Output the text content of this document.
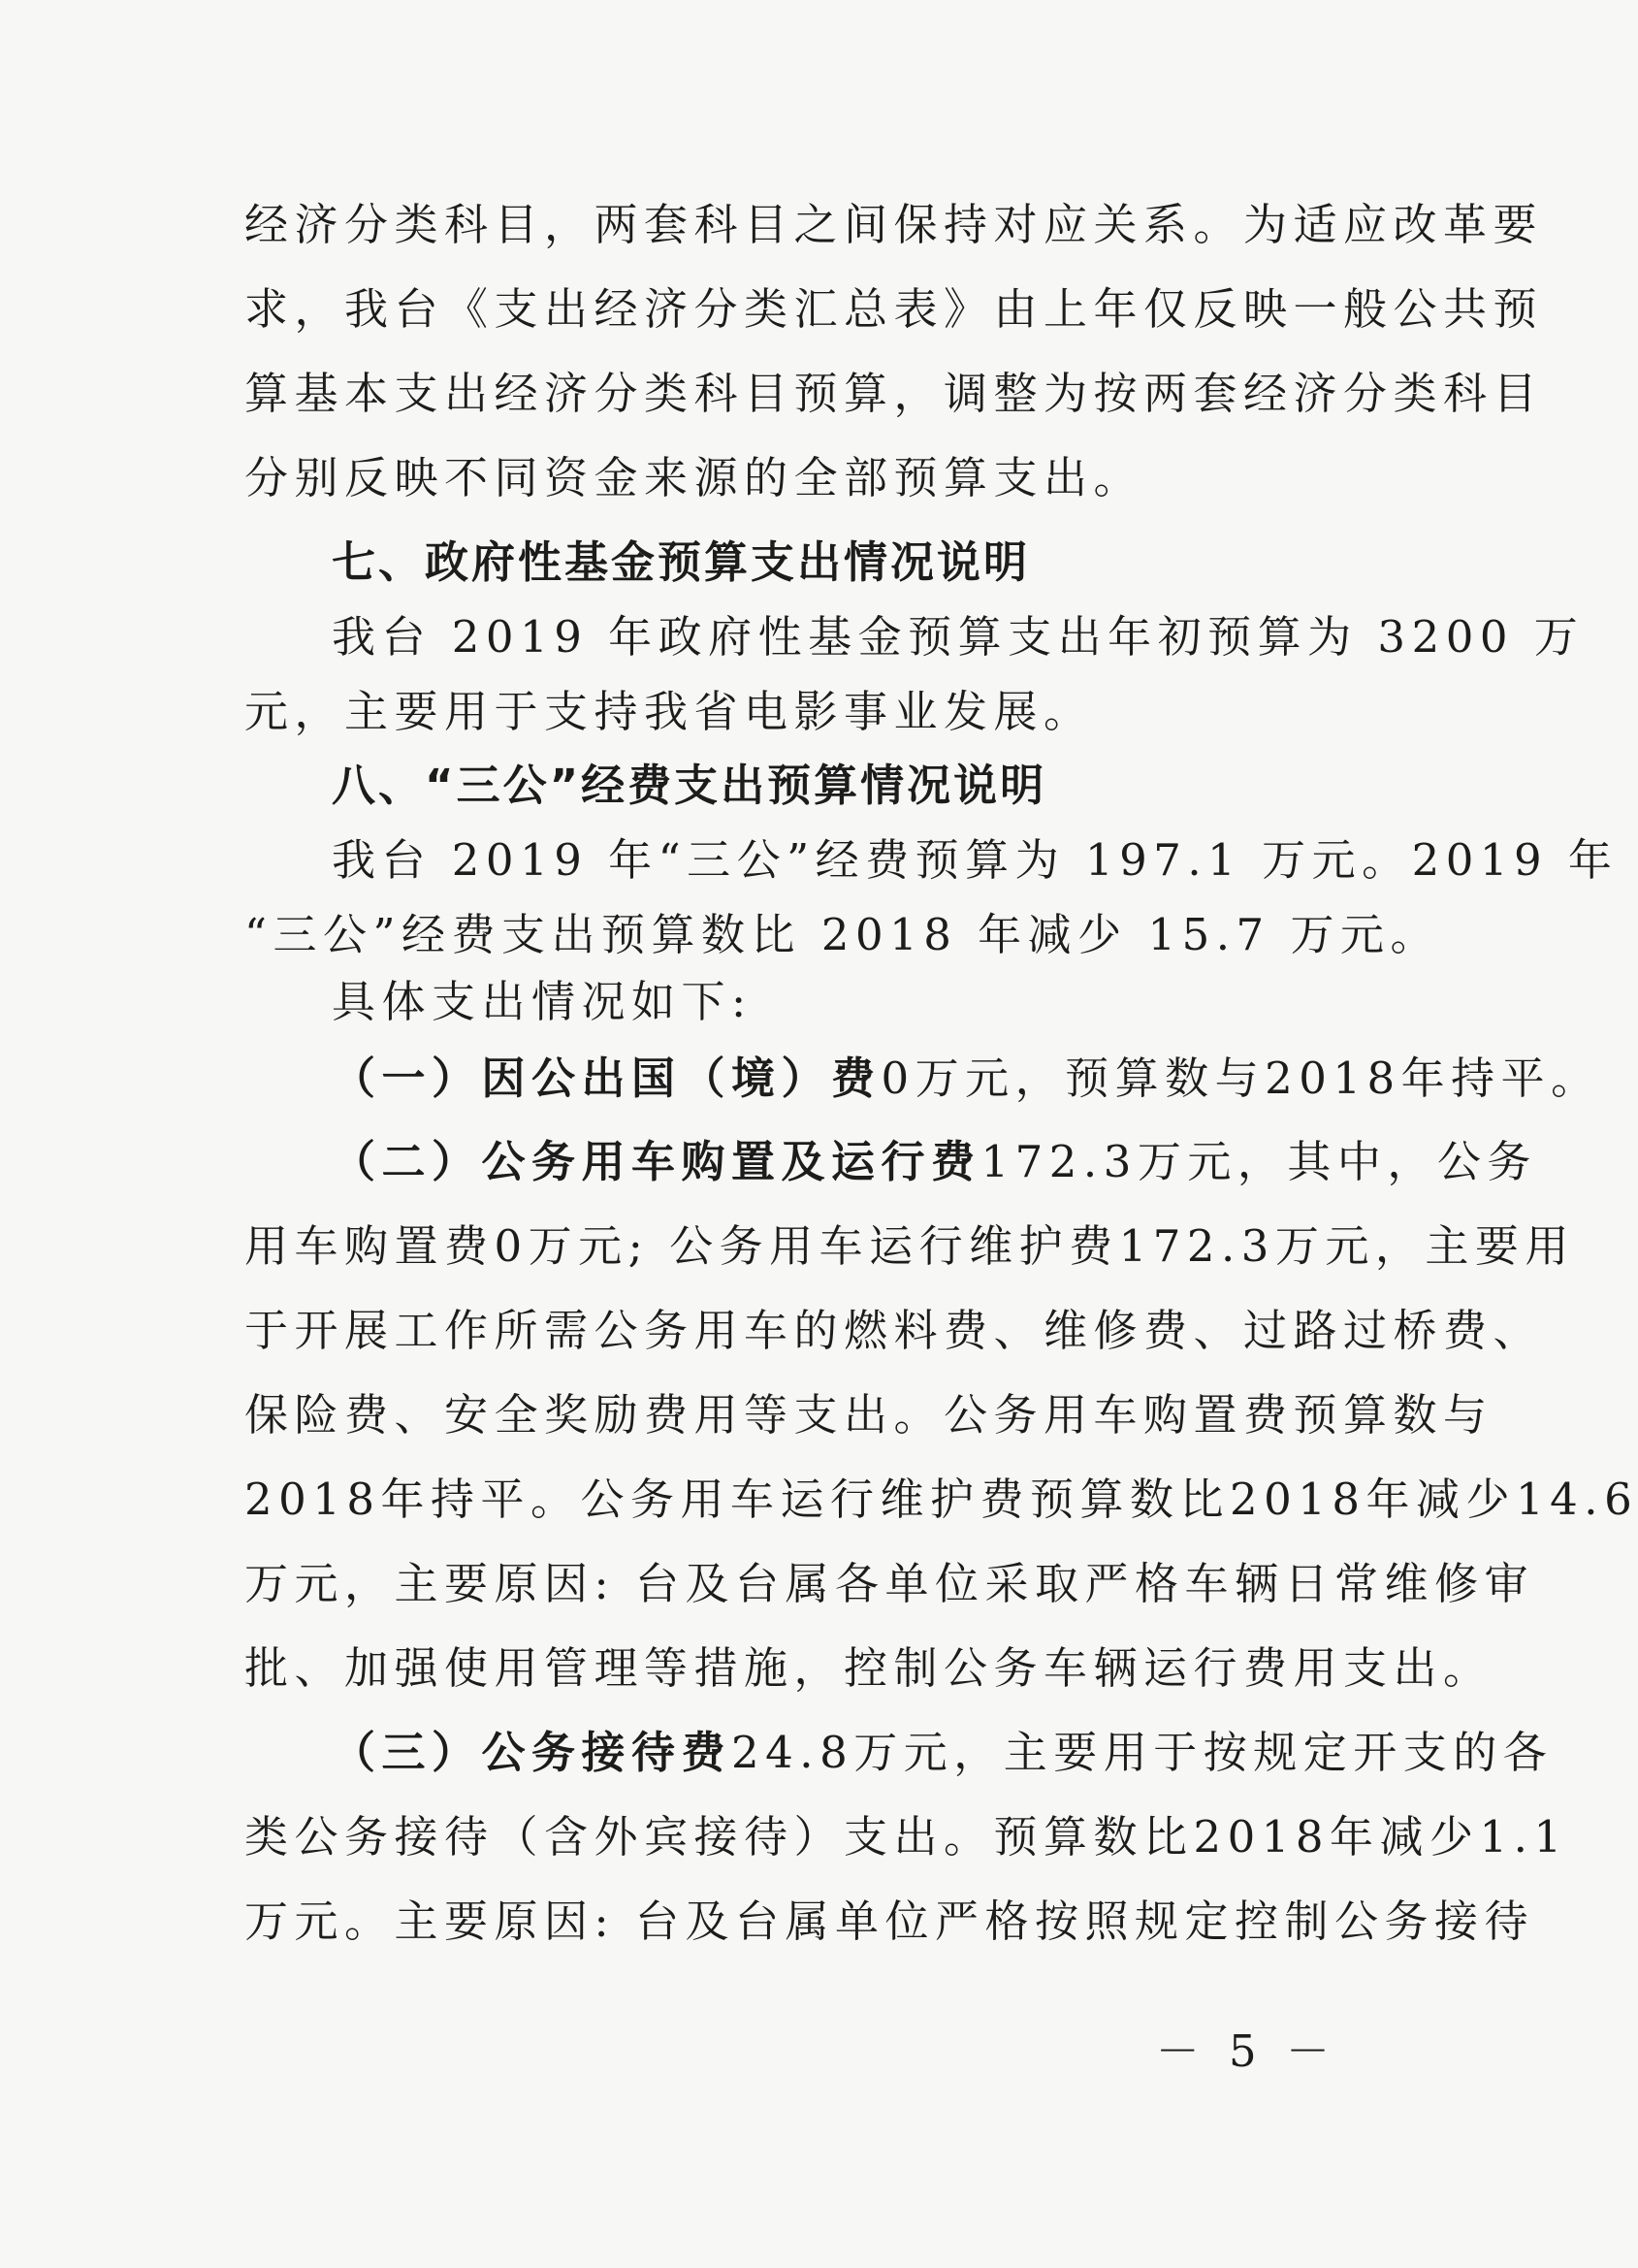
经济分类科目，两套科目之间保持对应关系。为适应改革要
求，我台《支出经济分类汇总表》由上年仅反映一般公共预
算基本支出经济分类科目预算，调整为按两套经济分类科目
分别反映不同资金来源的全部预算支出。
七、政府性基金预算支出情况说明
我台 2019 年政府性基金预算支出年初预算为 3200 万
元，主要用于支持我省电影事业发展。
八、“三公”经费支出预算情况说明
我台 2019 年“三公”经费预算为 197.1 万元。2019 年
“三公”经费支出预算数比 2018 年减少 15.7 万元。
具体支出情况如下:
（一）因公出国（境）费0万元，预算数与2018年持平。
（二）公务用车购置及运行费172.3万元，其中，公务
用车购置费0万元; 公务用车运行维护费172.3万元，主要用
于开展工作所需公务用车的燃料费、维修费、过路过桥费、
保险费、安全奖励费用等支出。公务用车购置费预算数与
2018年持平。公务用车运行维护费预算数比2018年减少14.6
万元，主要原因: 台及台属各单位采取严格车辆日常维修审
批、加强使用管理等措施，控制公务车辆运行费用支出。
（三）公务接待费24.8万元，主要用于按规定开支的各
类公务接待（含外宾接待）支出。预算数比2018年减少1.1
万元。主要原因: 台及台属单位严格按照规定控制公务接待
－ 5 －
